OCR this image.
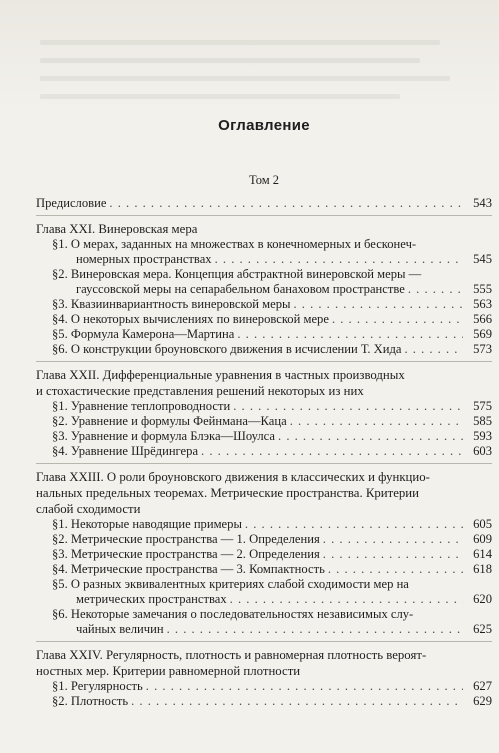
Оглавление
Том 2
Предисловие . . .	543
Глава XXI. Винеровская мера
§1. О мерах, заданных на множествах в конечномерных и бесконеч-
номерных пространствах . . .	545
§2. Винеровская мера. Концепция абстрактной винеровской меры —
гауссовской меры на сепарабельном банаховом пространстве . . .	555
§3. Квазиинвариантность винеровской меры . . .	563
§4. О некоторых вычислениях по винеровской мере . . .	566
§5. Формула Камерона—Мартина . . .	569
§6. О конструкции броуновского движения в исчислении Т. Хида . . .	573
Глава XXII. Дифференциальные уравнения в частных производных
и стохастические представления решений некоторых из них
§1. Уравнение теплопроводности . . .	575
§2. Уравнение и формулы Фейнмана—Каца . . .	585
§3. Уравнение и формула Блэка—Шоулса . . .	593
§4. Уравнение Шрёдингера . . .	603
Глава XXIII. О роли броуновского движения в классических и функцио-
нальных предельных теоремах. Метрические пространства. Критерии
слабой сходимости
§1. Некоторые наводящие примеры . . .	605
§2. Метрические пространства — 1. Определения . . .	609
§3. Метрические пространства — 2. Определения . . .	614
§4. Метрические пространства — 3. Компактность . . .	618
§5. О разных эквивалентных критериях слабой сходимости мер на
метрических пространствах . . .	620
§6. Некоторые замечания о последовательностях независимых слу-
чайных величин . . .	625
Глава XXIV. Регулярность, плотность и равномерная плотность вероят-
ностных мер. Критерии равномерной плотности
§1. Регулярность . . .	627
§2. Плотность . . .	629
